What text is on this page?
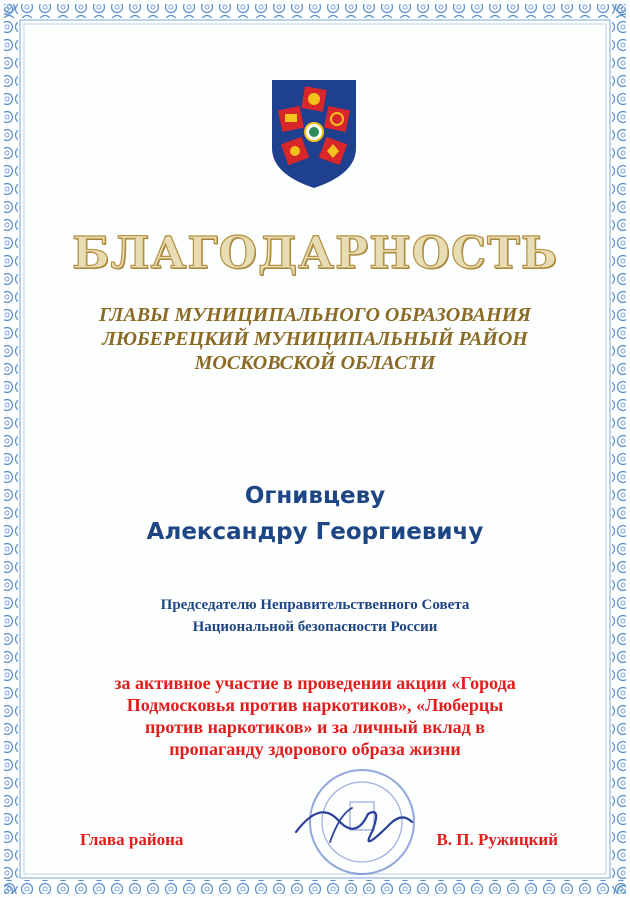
БЛАГОДАРНОСТЬ
ГЛАВЫ МУНИЦИПАЛЬНОГО ОБРАЗОВАНИЯ
ЛЮБЕРЕЦКИЙ МУНИЦИПАЛЬНЫЙ РАЙОН
МОСКОВСКОЙ ОБЛАСТИ
Огнивцеву
Александру Георгиевичу
Председателю Неправительственного Совета
Национальной безопасности России
за активное участие в проведении акции «Города
Подмосковья против наркотиков», «Люберцы
против наркотиков» и за личный вклад в
пропаганду здорового образа жизни
Глава района	В. П. Ружицкий
